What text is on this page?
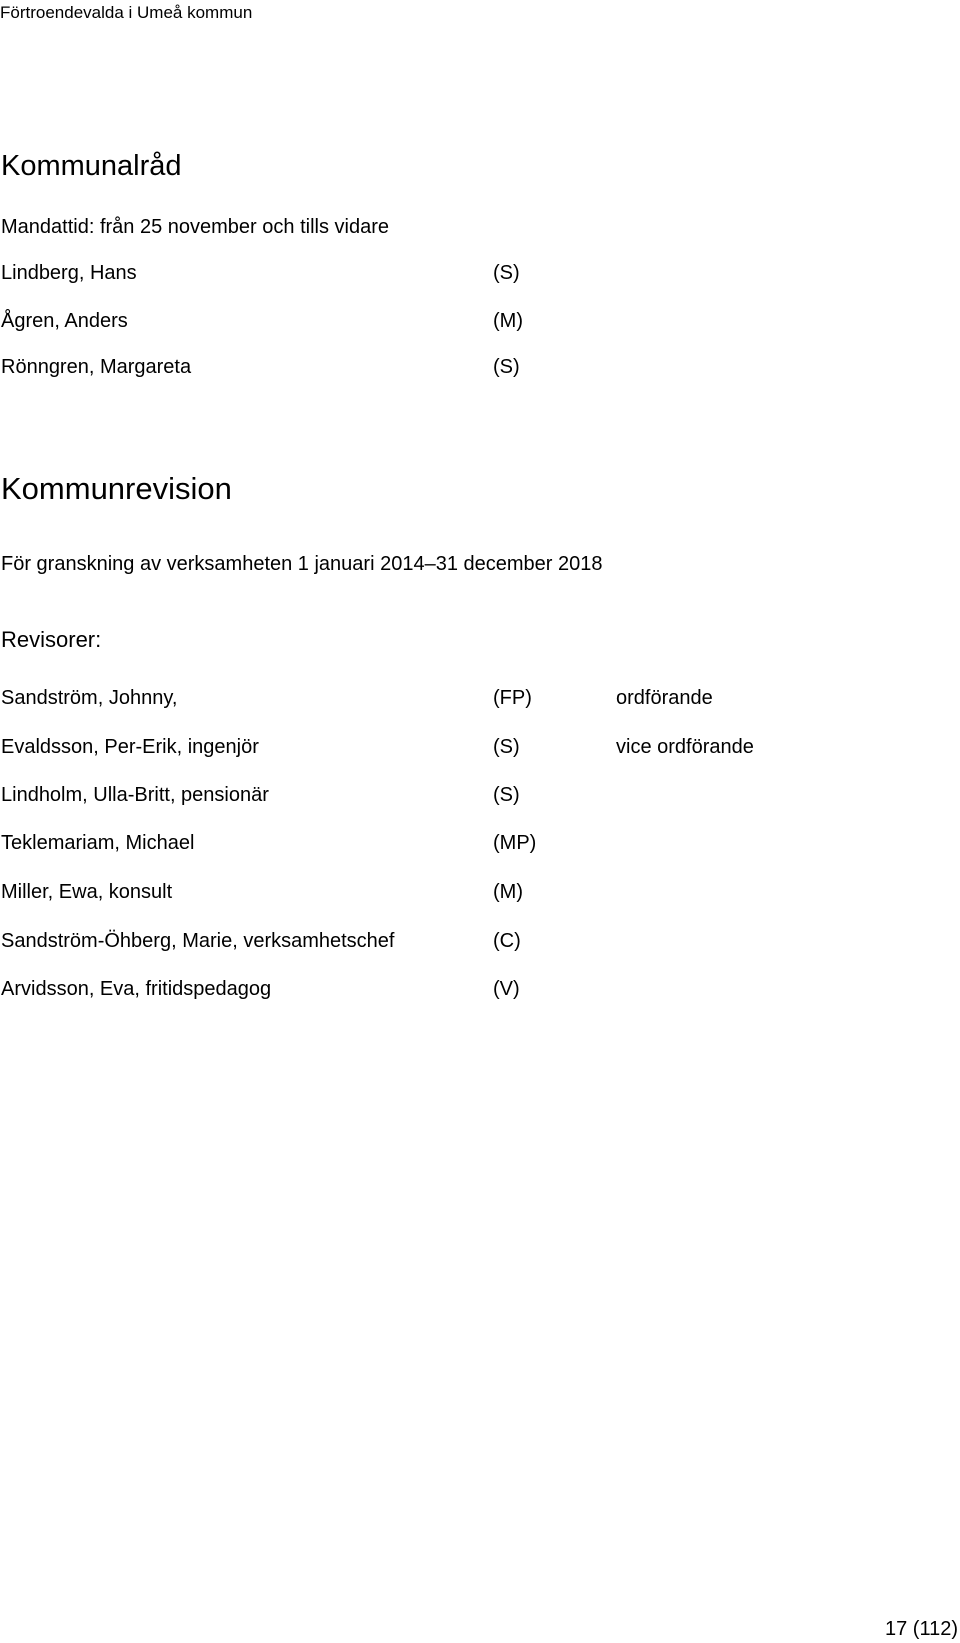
Förtroendevalda i Umeå kommun
Kommunalråd
Mandattid: från 25 november och tills vidare
Lindberg, Hans	(S)
Ågren, Anders	(M)
Rönngren, Margareta	(S)
Kommunrevision
För granskning av verksamheten 1 januari 2014–31 december 2018
Revisorer:
Sandström, Johnny,	(FP)	ordförande
Evaldsson, Per-Erik, ingenjör	(S)	vice ordförande
Lindholm, Ulla-Britt, pensionär	(S)
Teklemariam, Michael	(MP)
Miller, Ewa, konsult	(M)
Sandström-Öhberg, Marie, verksamhetschef	(C)
Arvidsson, Eva, fritidspedagog	(V)
17 (112)
